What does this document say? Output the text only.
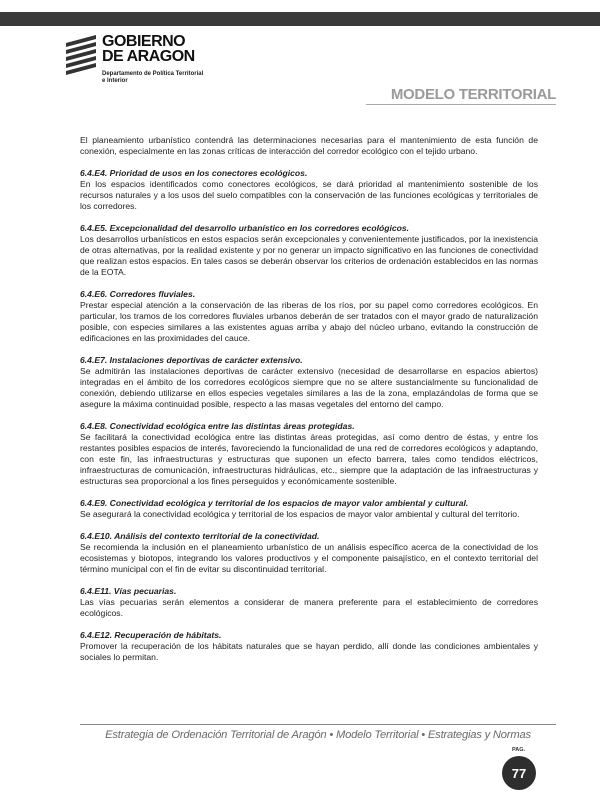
GOBIERNO
DE ARAGON
Departamento de Política Territorial
e Interior
MODELO TERRITORIAL

El planeamiento urbanístico contendrá las determinaciones necesarias para el mantenimiento de esta función de conexión, especialmente en las zonas críticas de interacción del corredor ecológico con el tejido urbano.

6.4.E4. Prioridad de usos en los conectores ecológicos.

En los espacios identificados como conectores ecológicos, se dará prioridad al mantenimiento sostenible de los recursos naturales y a los usos del suelo compatibles con la conservación de las funciones ecológicas y territoriales de los corredores.

6.4.E5. Excepcionalidad del desarrollo urbanístico en los corredores ecológicos.

Los desarrollos urbanísticos en estos espacios serán excepcionales y convenientemente justificados, por la inexistencia de otras alternativas, por la realidad existente y por no generar un impacto significativo en las funciones de conectividad que realizan estos espacios. En tales casos se deberán observar los criterios de ordenación establecidos en las normas de la EOTA.

6.4.E6. Corredores fluviales.

Prestar especial atención a la conservación de las riberas de los ríos, por su papel como corredores ecológicos. En particular, los tramos de los corredores fluviales urbanos deberán de ser tratados con el mayor grado de naturalización posible, con especies similares a las existentes aguas arriba y abajo del núcleo urbano, evitando la construcción de edificaciones en las proximidades del cauce.

6.4.E7. Instalaciones deportivas de carácter extensivo.

Se admitirán las instalaciones deportivas de carácter extensivo (necesidad de desarrollarse en espacios abiertos) integradas en el ámbito de los corredores ecológicos siempre que no se altere sustancialmente su funcionalidad de conexión, debiendo utilizarse en ellos especies vegetales similares a las de la zona, emplazándolas de forma que se asegure la máxima continuidad posible, respecto a las masas vegetales del entorno del campo.

6.4.E8. Conectividad ecológica entre las distintas áreas protegidas.

Se facilitará la conectividad ecológica entre las distintas áreas protegidas, así como dentro de éstas, y entre los restantes posibles espacios de interés, favoreciendo la funcionalidad de una red de corredores ecológicos y adaptando, con este fin, las infraestructuras y estructuras que suponen un efecto barrera, tales como tendidos eléctricos, infraestructuras de comunicación, infraestructuras hidráulicas, etc., siempre que la adaptación de las infraestructuras y estructuras sea proporcional a los fines perseguidos y económicamente sostenible.

6.4.E9. Conectividad ecológica y territorial de los espacios de mayor valor ambiental y cultural.

Se asegurará la conectividad ecológica y territorial de los espacios de mayor valor ambiental y cultural del territorio.

6.4.E10. Análisis del contexto territorial de la conectividad.

Se recomienda la inclusión en el planeamiento urbanístico de un análisis específico acerca de la conectividad de los ecosistemas y biotopos, integrando los valores productivos y el componente paisajístico, en el contexto territorial del término municipal con el fin de evitar su discontinuidad territorial.

6.4.E11. Vías pecuarias.

Las vías pecuarias serán elementos a considerar de manera preferente para el establecimiento de corredores ecológicos.

6.4.E12. Recuperación de hábitats.

Promover la recuperación de los hábitats naturales que se hayan perdido, allí donde las condiciones ambientales y sociales lo permitan.

Estrategia de Ordenación Territorial de Aragón • Modelo Territorial • Estrategias y Normas
PAG.
77
